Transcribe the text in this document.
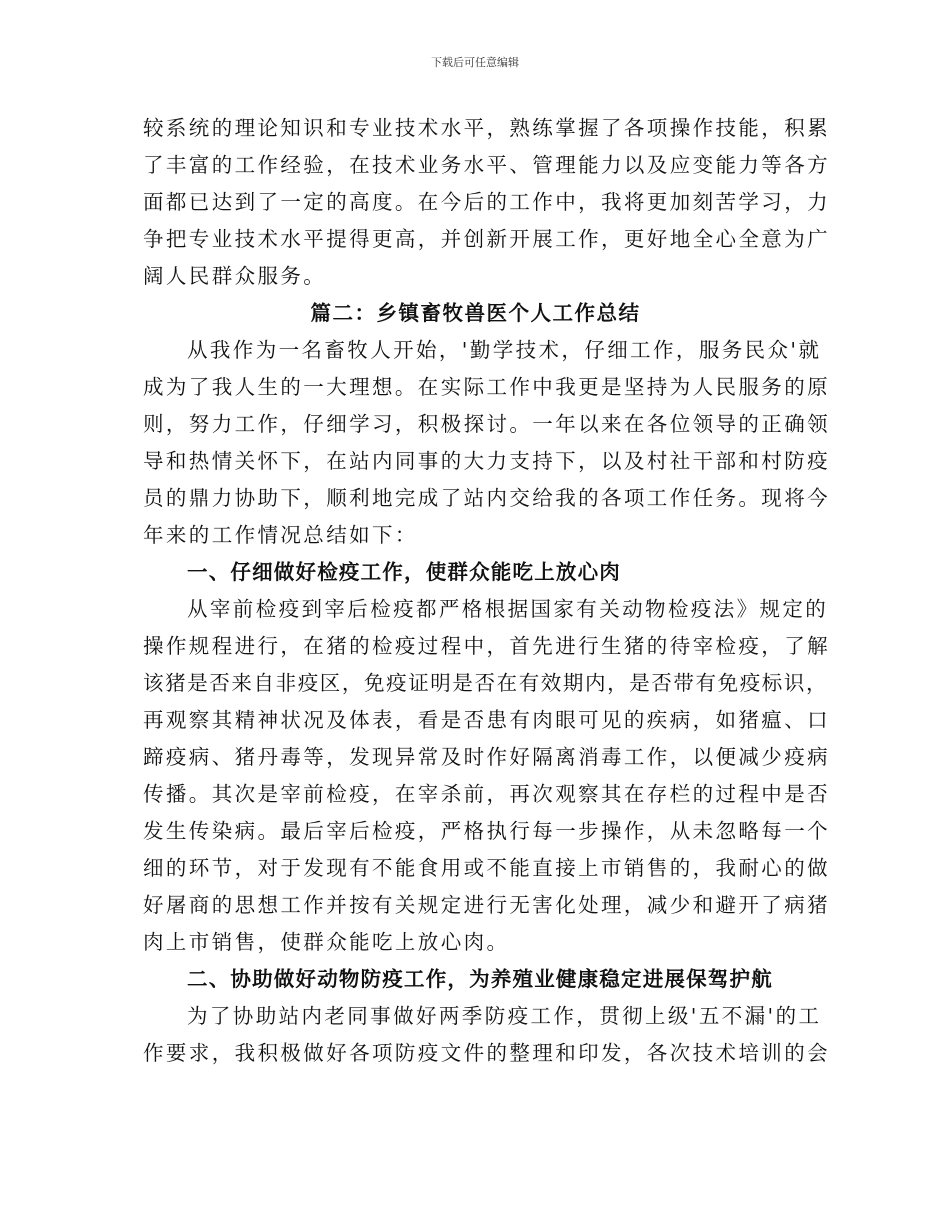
下载后可任意编辑
较系统的理论知识和专业技术水平，熟练掌握了各项操作技能，积累
了丰富的工作经验，在技术业务水平、管理能力以及应变能力等各方
面都已达到了一定的高度。在今后的工作中，我将更加刻苦学习，力
争把专业技术水平提得更高，并创新开展工作，更好地全心全意为广
阔人民群众服务。
篇二：乡镇畜牧兽医个人工作总结
从我作为一名畜牧人开始，'勤学技术，仔细工作，服务民众'就
成为了我人生的一大理想。在实际工作中我更是坚持为人民服务的原
则，努力工作，仔细学习，积极探讨。一年以来在各位领导的正确领
导和热情关怀下，在站内同事的大力支持下，以及村社干部和村防疫
员的鼎力协助下，顺利地完成了站内交给我的各项工作任务。现将今
年来的工作情况总结如下：
一、仔细做好检疫工作，使群众能吃上放心肉
从宰前检疫到宰后检疫都严格根据国家有关动物检疫法》规定的
操作规程进行，在猪的检疫过程中，首先进行生猪的待宰检疫，了解
该猪是否来自非疫区，免疫证明是否在有效期内，是否带有免疫标识，
再观察其精神状况及体表，看是否患有肉眼可见的疾病，如猪瘟、口
蹄疫病、猪丹毒等，发现异常及时作好隔离消毒工作，以便减少疫病
传播。其次是宰前检疫，在宰杀前，再次观察其在存栏的过程中是否
发生传染病。最后宰后检疫，严格执行每一步操作，从未忽略每一个
细的环节，对于发现有不能食用或不能直接上市销售的，我耐心的做
好屠商的思想工作并按有关规定进行无害化处理，减少和避开了病猪
肉上市销售，使群众能吃上放心肉。
二、协助做好动物防疫工作，为养殖业健康稳定进展保驾护航
为了协助站内老同事做好两季防疫工作，贯彻上级'五不漏'的工
作要求，我积极做好各项防疫文件的整理和印发，各次技术培训的会
